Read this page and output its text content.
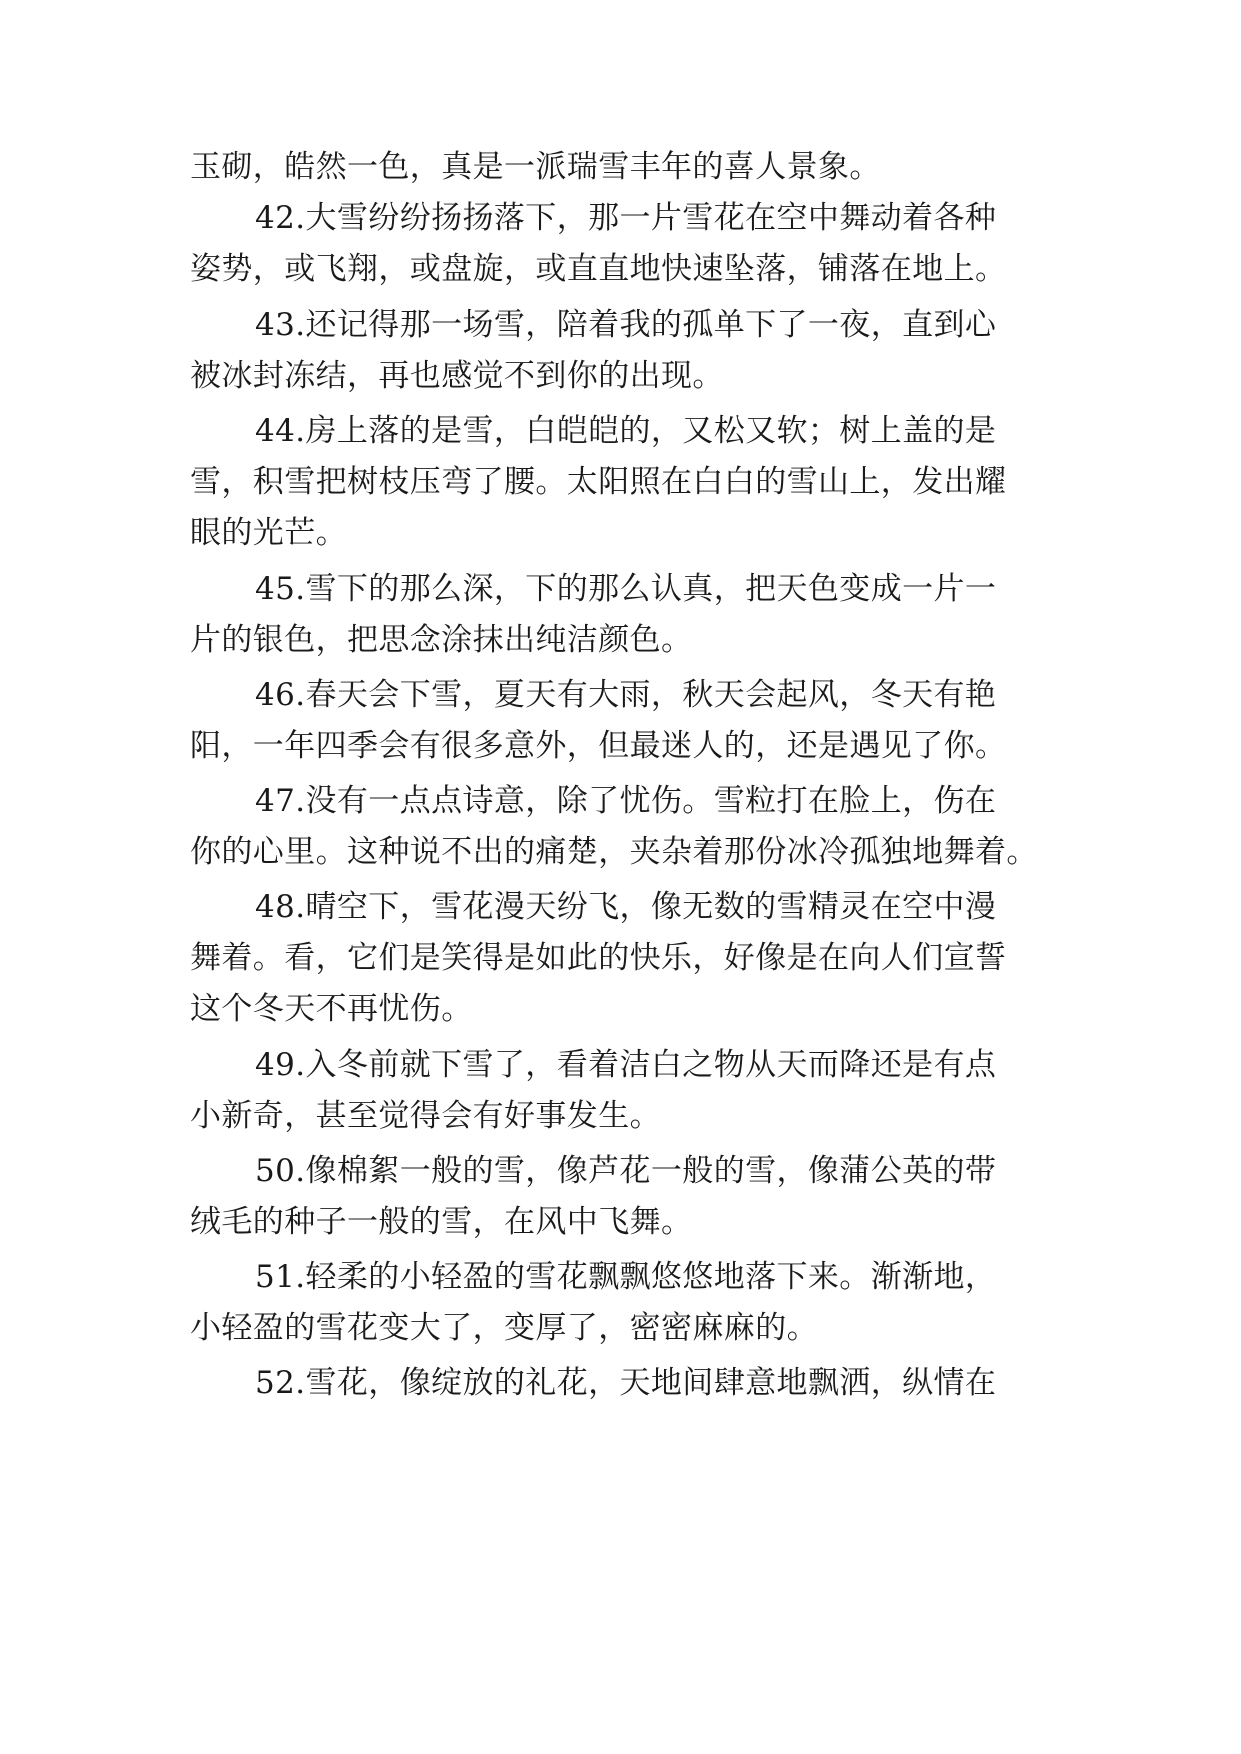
玉砌，皓然一色，真是一派瑞雪丰年的喜人景象。
42.大雪纷纷扬扬落下，那一片雪花在空中舞动着各种
姿势，或飞翔，或盘旋，或直直地快速坠落，铺落在地上。
43.还记得那一场雪，陪着我的孤单下了一夜，直到心
被冰封冻结，再也感觉不到你的出现。
44.房上落的是雪，白皑皑的，又松又软；树上盖的是
雪，积雪把树枝压弯了腰。太阳照在白白的雪山上，发出耀
眼的光芒。
45.雪下的那么深，下的那么认真，把天色变成一片一
片的银色，把思念涂抹出纯洁颜色。
46.春天会下雪，夏天有大雨，秋天会起风，冬天有艳
阳，一年四季会有很多意外，但最迷人的，还是遇见了你。
47.没有一点点诗意，除了忧伤。雪粒打在脸上，伤在
你的心里。这种说不出的痛楚，夹杂着那份冰冷孤独地舞着。
48.晴空下，雪花漫天纷飞，像无数的雪精灵在空中漫
舞着。看，它们是笑得是如此的快乐，好像是在向人们宣誓
这个冬天不再忧伤。
49.入冬前就下雪了，看着洁白之物从天而降还是有点
小新奇，甚至觉得会有好事发生。
50.像棉絮一般的雪，像芦花一般的雪，像蒲公英的带
绒毛的种子一般的雪，在风中飞舞。
51.轻柔的小轻盈的雪花飘飘悠悠地落下来。渐渐地，
小轻盈的雪花变大了，变厚了，密密麻麻的。
52.雪花，像绽放的礼花，天地间肆意地飘洒，纵情在
